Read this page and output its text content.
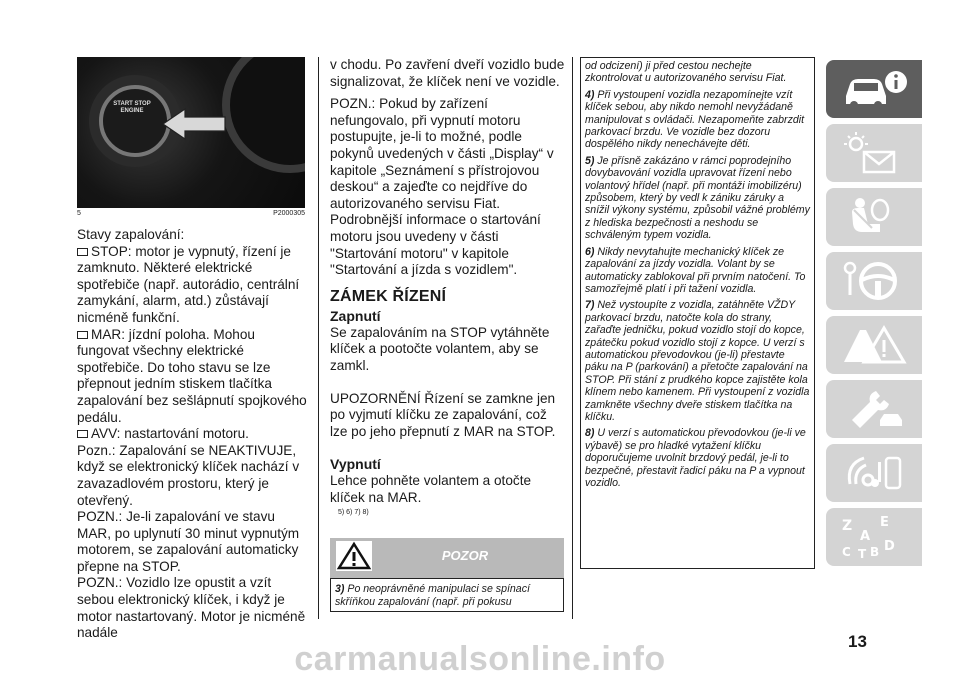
START STOP ENGINE
5	P2000305

Stavy zapalování:

STOP: motor je vypnutý, řízení je zamknuto. Některé elektrické spotřebiče (např. autorádio, centrální zamykání, alarm, atd.) zůstávají nicméně funkční.

MAR: jízdní poloha. Mohou fungovat všechny elektrické spotřebiče. Do toho stavu se lze přepnout jedním stiskem tlačítka zapalování bez sešlápnutí spojkového pedálu.

AVV: nastartování motoru.

Pozn.: Zapalování se NEAKTIVUJE, když se elektronický klíček nachází v zavazadlovém prostoru, který je otevřený.

POZN.: Je-li zapalování ve stavu MAR, po uplynutí 30 minut vypnutým motorem, se zapalování automaticky přepne na STOP.

POZN.: Vozidlo lze opustit a vzít sebou elektronický klíček, i když je motor nastartovaný. Motor je nicméně nadále

v chodu. Po zavření dveří vozidlo bude signalizovat, že klíček není ve vozidle.

POZN.: Pokud by zařízení nefungovalo, při vypnutí motoru postupujte, je-li to možné, podle pokynů uvedených v části „Display“ v kapitole „Seznámení s přístrojovou deskou“ a zajeďte co nejdříve do autorizovaného servisu Fiat. Podrobnější informace o startování motoru jsou uvedeny v části "Startování motoru" v kapitole "Startování a jízda s vozidlem".

ZÁMEK ŘÍZENÍ
Zapnutí

Se zapalováním na STOP vytáhněte klíček a pootočte volantem, aby se zamkl.

UPOZORNĚNÍ Řízení se zamkne jen po vyjmutí klíčku ze zapalování, což lze po jeho přepnutí z MAR na STOP.

Vypnutí

Lehce pohněte volantem a otočte klíček na MAR.

5) 6) 7) 8)
POZOR
3) Po neoprávněné manipulaci se spínací skříňkou zapalování (např. při pokusu

od odcizení) ji před cestou nechejte zkontrolovat u autorizovaného servisu Fiat.

4) Při vystoupení vozidla nezapomínejte vzít klíček sebou, aby nikdo nemohl nevyžádaně manipulovat s ovládači. Nezapomeňte zabrzdit parkovací brzdu. Ve vozidle bez dozoru dospělého nikdy nenechávejte děti.

5) Je přísně zakázáno v rámci poprodejního dovybavování vozidla upravovat řízení nebo volantový hřídel (např. při montáži imobilizéru) způsobem, který by vedl k zániku záruky a snížil výkony systému, způsobil vážné problémy z hlediska bezpečnosti a neshodu se schváleným typem vozidla.

6) Nikdy nevytahujte mechanický klíček ze zapalování za jízdy vozidla. Volant by se automaticky zablokoval při prvním natočení. To samozřejmě platí i při tažení vozidla.

7) Než vystoupíte z vozidla, zatáhněte VŽDY parkovací brzdu, natočte kola do strany, zařaďte jedničku, pokud vozidlo stojí do kopce, zpátečku pokud vozidlo stojí z kopce. U verzí s automatickou převodovkou (je-li) přestavte páku na P (parkování) a přetočte zapalování na STOP. Při stání z prudkého kopce zajistěte kola klínem nebo kamenem. Při vystoupení z vozidla zamkněte všechny dveře stiskem tlačítka na klíčku.

8) U verzí s automatickou převodovkou (je-li ve výbavě) se pro hladké vytažení klíčku doporučujeme uvolnit brzdový pedál, je-li to bezpečné, přestavit řadicí páku na P a vypnout vozidlo.

Z E
A
C T D
B
13
carmanualsonline.info
